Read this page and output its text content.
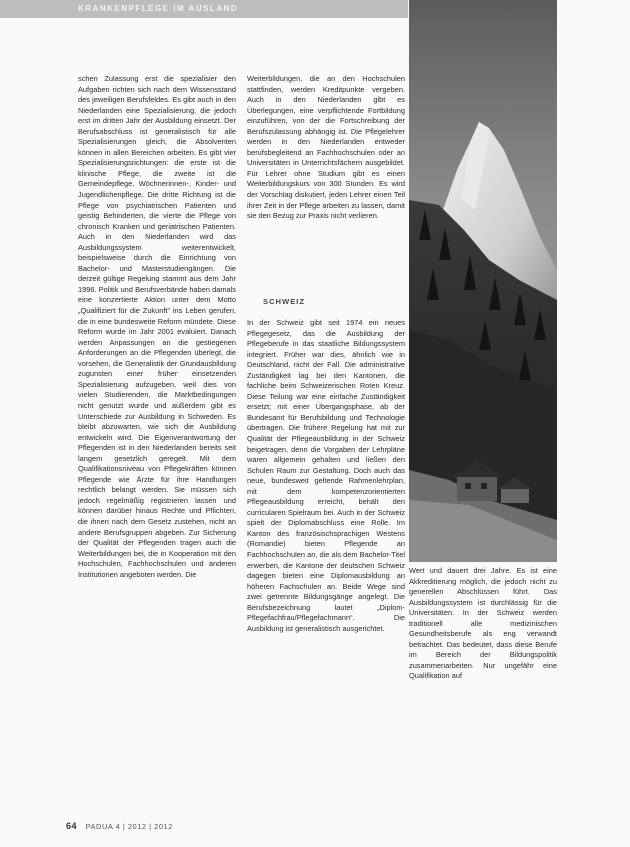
KRANKENPFLEGE IM AUSLAND

schen Zulassung erst die spezialisier den Aufgaben richten sich nach dem Wissensstand des jeweiligen Berufsfeldes. Es gibt auch in den Niederlanden eine Spezialisierung, die jedoch erst im dritten Jahr der Ausbildung einsetzt. Der Berufsabschluss ist generalistisch für alle Spezialisierungen gleich, die Absolventen können in allen Bereichen arbeiten. Es gibt vier Spezialisierungsrichtungen: die erste ist die klinische Pflege, die zweite ist die Gemeindepflege, Wöchnerinnen-, Kinder- und Jugendlichenpflege. Die dritte Richtung ist die Pflege von psychiatrischen Patienten und geistig Behinderten, die vierte die Pflege von chronisch Kranken und geriatrischen Patienten. Auch in den Niederlanden wird das Ausbildungssystem weiterentwickelt, beispielsweise durch die Einrichtung von Bachelor- und Masterstudiengängen. Die derzeit gültige Regelung stammt aus dem Jahr 1996. Politik und Berufsverbände haben damals eine konzertierte Aktion unter dem Motto „Qualifiziert für die Zukunft“ ins Leben gerufen, die in eine bundesweite Reform mündete. Diese Reform wurde im Jahr 2001 evaluiert. Danach werden Anpassungen an die gestiegenen Anforderungen an die Pflegenden überlegt, die vorsehen, die Generalistik der Grundausbildung zugunsten einer früher einsetzenden Spezialisierung aufzugeben, weil dies von vielen Studierenden, die Marktbedingungen nicht genutzt wurde und außerdem gibt es Unterschiede zur Ausbildung in Schweden. Es bleibt abzuwarten, wie sich die Ausbildung entwickeln wird. Die Eigenverantwortung der Pflegenden ist in den Niederlanden bereits seit langem gesetzlich geregelt. Mit dem Qualifikationsniveau von Pflegekräften können Pflegende wie Ärzte für ihre Handlungen rechtlich belangt werden. Sie müssen sich jedoch regelmäßig registrieren lassen und können darüber hinaus Rechte und Pflichten, die ihnen nach dem Gesetz zustehen, nicht an andere Berufsgruppen abgeben. Zur Sicherung der Qualität der Pflegenden tragen auch die Weiterbildungen bei, die in Kooperation mit den Hochschulen, Fachhochschulen und anderen Institutionen angeboten werden. Die

Weiterbildungen, die an den Hochschulen stattfinden, werden Kreditpunkte vergeben. Auch in den Niederlanden gibt es Überlegungen, eine verpflichtende Fortbildung einzuführen, von der die Fortschreibung der Berufszulassung abhängig ist. Die Pflegelehrer werden in den Niederlanden entweder berufsbegleitend an Fachhochschulen oder an Universitäten in Unterrichtsfächern ausgebildet. Für Lehrer ohne Studium gibt es einen Weiterbildungskurs von 300 Stunden. Es wird der Vorschlag diskutiert, jeden Lehrer einen Teil ihrer Zeit in der Pflege arbeiten zu lassen, damit sie den Bezug zur Praxis nicht verlieren.

SCHWEIZ

In der Schweiz gibt seit 1974 ein neues Pflegegesetz, das die Ausbildung der Pflegeberufe in das staatliche Bildungssystem integriert. Früher war dies, ähnlich wie in Deutschland, nicht der Fall. Die administrative Zuständigkeit lag bei den Kantonen, die fachliche beim Schweizerischen Roten Kreuz. Diese Teilung war eine einfache Zuständigkeit ersetzt; mit einer Übergangsphase, ab der Bundesamt für Berufsbildung und Technologie übertragen. Die frühere Regelung hat mit zur Qualität der Pflegeausbildung in der Schweiz beigetragen, denn die Vorgaben der Lehrpläne waren allgemein gehalten und ließen den Schulen Raum zur Gestaltung. Doch auch das neue, bundesweit geltende Rahmenlehrplan, mit dem kompetenzorientierten Pflegeausbildung erreicht, behält den curricularen Spielraum bei. Auch in der Schweiz spielt der Diplomabschluss eine Rolle. Im Kanton des französischsprachigen Westens (Romandie) bieten Pflegende an Fachhochschulen an, die als dem Bachelor-Titel erwerben, die Kantone der deutschen Schweiz dagegen bieten eine Diplomausbildung an höheren Fachschulen an. Beide Wege sind zwei getrennte Bildungsgänge angelegt. Die Berufsbezeichnung lautet „Diplom-Pflegefachfrau/Pflegefachmann“. Die Ausbildung ist generalistisch ausgerichtet.

Wert und dauert drei Jahre. Es ist eine Akkreditierung möglich, die jedoch nicht zu generellen Abschlüssen führt. Das Ausbildungssystem ist durchlässig für die Universitäten. In der Schweiz werden traditionell alle medizinischen Gesundheitsberufe als eng verwandt betrachtet. Das bedeutet, dass diese Berufe im Bereich der Bildungspolitik zusammenarbeiten. Nur ungefähr eine Qualifikation auf

64 PADUA 4 | 2012 | 2012
